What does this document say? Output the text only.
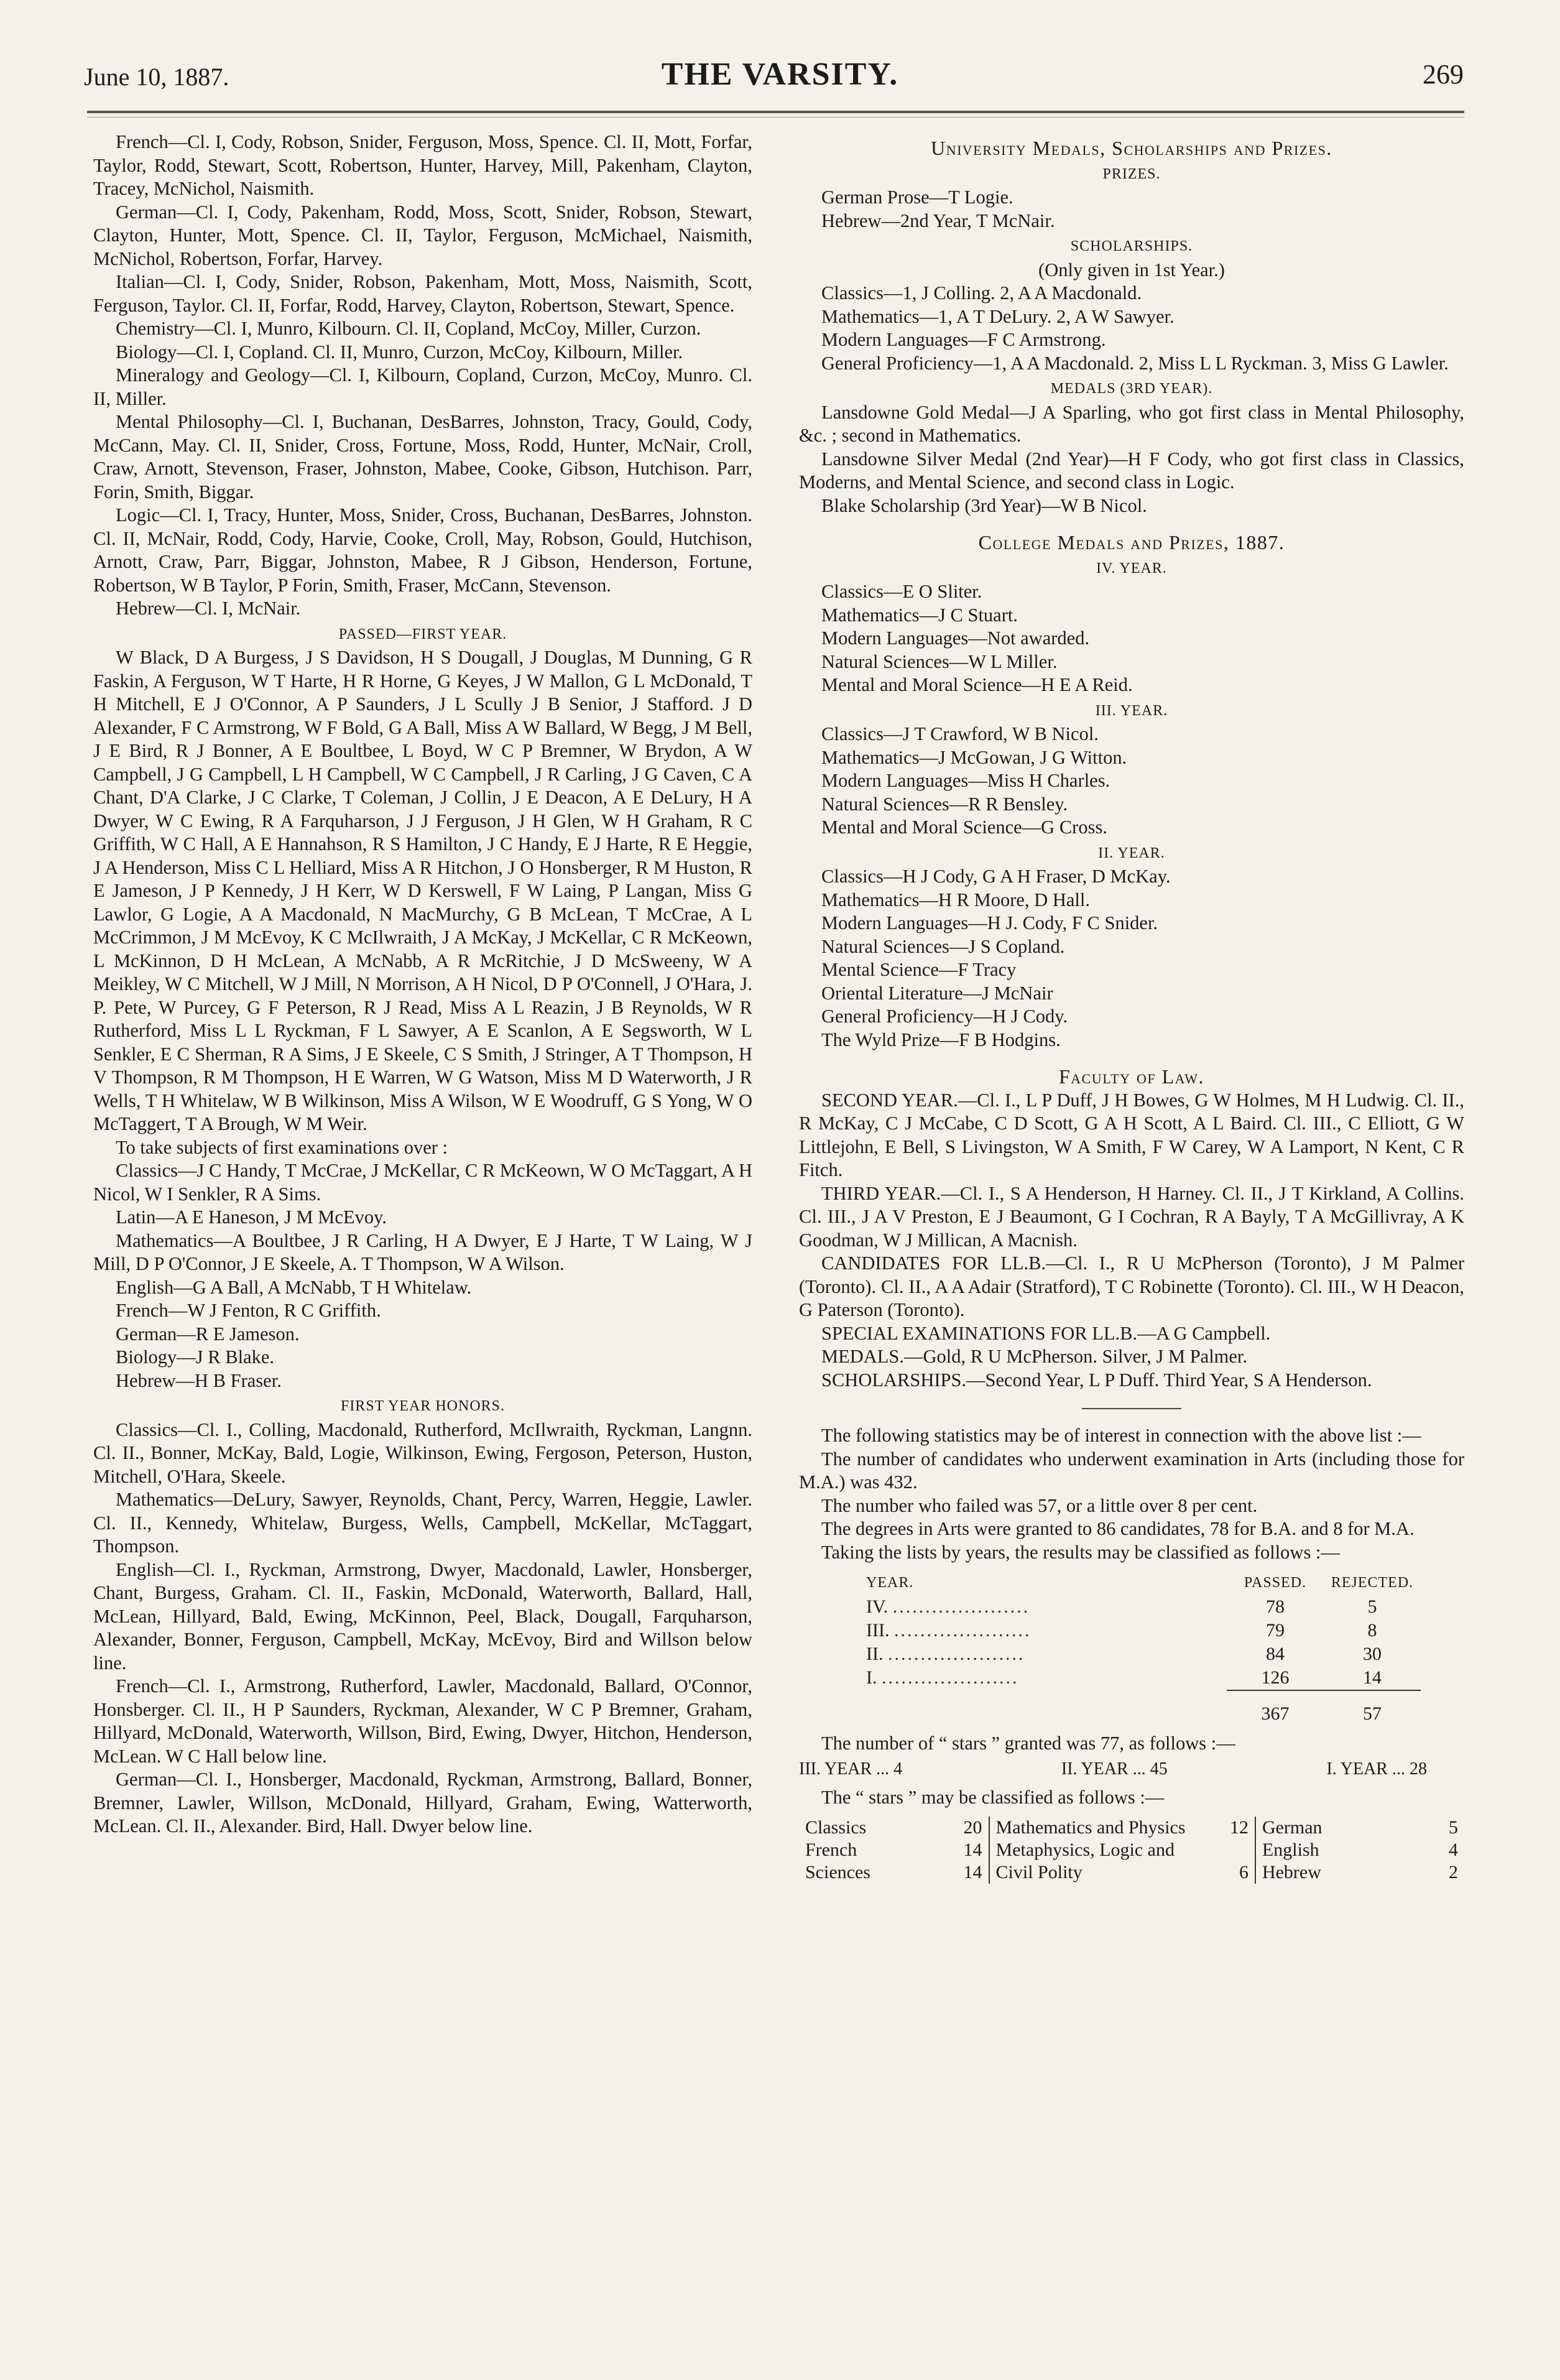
June 10, 1887.	THE VARSITY.	269

French—Cl. I, Cody, Robson, Snider, Ferguson, Moss, Spence. Cl. II, Mott, Forfar, Taylor, Rodd, Stewart, Scott, Robertson, Hunter, Harvey, Mill, Pakenham, Clayton, Tracey, McNichol, Naismith.

German—Cl. I, Cody, Pakenham, Rodd, Moss, Scott, Snider, Robson, Stewart, Clayton, Hunter, Mott, Spence. Cl. II, Taylor, Ferguson, McMichael, Naismith, McNichol, Robertson, Forfar, Harvey.

Italian—Cl. I, Cody, Snider, Robson, Pakenham, Mott, Moss, Naismith, Scott, Ferguson, Taylor. Cl. II, Forfar, Rodd, Harvey, Clayton, Robertson, Stewart, Spence.

Chemistry—Cl. I, Munro, Kilbourn. Cl. II, Copland, McCoy, Miller, Curzon.

Biology—Cl. I, Copland. Cl. II, Munro, Curzon, McCoy, Kilbourn, Miller.

Mineralogy and Geology—Cl. I, Kilbourn, Copland, Curzon, McCoy, Munro. Cl. II, Miller.

Mental Philosophy—Cl. I, Buchanan, DesBarres, Johnston, Tracy, Gould, Cody, McCann, May. Cl. II, Snider, Cross, Fortune, Moss, Rodd, Hunter, McNair, Croll, Craw, Arnott, Stevenson, Fraser, Johnston, Mabee, Cooke, Gibson, Hutchison. Parr, Forin, Smith, Biggar.

Logic—Cl. I, Tracy, Hunter, Moss, Snider, Cross, Buchanan, DesBarres, Johnston. Cl. II, McNair, Rodd, Cody, Harvie, Cooke, Croll, May, Robson, Gould, Hutchison, Arnott, Craw, Parr, Biggar, Johnston, Mabee, R J Gibson, Henderson, Fortune, Robertson, W B Taylor, P Forin, Smith, Fraser, McCann, Stevenson.

Hebrew—Cl. I, McNair.

PASSED—FIRST YEAR.

W Black, D A Burgess, J S Davidson, H S Dougall, J Douglas, M Dunning, G R Faskin, A Ferguson, W T Harte, H R Horne, G Keyes, J W Mallon, G L McDonald, T H Mitchell, E J O'Connor, A P Saunders, J L Scully J B Senior, J Stafford. J D Alexander, F C Armstrong, W F Bold, G A Ball, Miss A W Ballard, W Begg, J M Bell, J E Bird, R J Bonner, A E Boultbee, L Boyd, W C P Bremner, W Brydon, A W Campbell, J G Campbell, L H Campbell, W C Campbell, J R Carling, J G Caven, C A Chant, D'A Clarke, J C Clarke, T Coleman, J Collin, J E Deacon, A E DeLury, H A Dwyer, W C Ewing, R A Farquharson, J J Ferguson, J H Glen, W H Graham, R C Griffith, W C Hall, A E Hannahson, R S Hamilton, J C Handy, E J Harte, R E Heggie, J A Henderson, Miss C L Helliard, Miss A R Hitchon, J O Honsberger, R M Huston, R E Jameson, J P Kennedy, J H Kerr, W D Kerswell, F W Laing, P Langan, Miss G Lawlor, G Logie, A A Macdonald, N MacMurchy, G B McLean, T McCrae, A L McCrimmon, J M McEvoy, K C McIlwraith, J A McKay, J McKellar, C R McKeown, L McKinnon, D H McLean, A McNabb, A R McRitchie, J D McSweeny, W A Meikley, W C Mitchell, W J Mill, N Morrison, A H Nicol, D P O'Connell, J O'Hara, J. P. Pete, W Purcey, G F Peterson, R J Read, Miss A L Reazin, J B Reynolds, W R Rutherford, Miss L L Ryckman, F L Sawyer, A E Scanlon, A E Segsworth, W L Senkler, E C Sherman, R A Sims, J E Skeele, C S Smith, J Stringer, A T Thompson, H V Thompson, R M Thompson, H E Warren, W G Watson, Miss M D Waterworth, J R Wells, T H Whitelaw, W B Wilkinson, Miss A Wilson, W E Woodruff, G S Yong, W O McTaggert, T A Brough, W M Weir.

To take subjects of first examinations over :

Classics—J C Handy, T McCrae, J McKellar, C R McKeown, W O McTaggart, A H Nicol, W I Senkler, R A Sims.

Latin—A E Haneson, J M McEvoy.

Mathematics—A Boultbee, J R Carling, H A Dwyer, E J Harte, T W Laing, W J Mill, D P O'Connor, J E Skeele, A. T Thompson, W A Wilson.

English—G A Ball, A McNabb, T H Whitelaw.

French—W J Fenton, R C Griffith.

German—R E Jameson.

Biology—J R Blake.

Hebrew—H B Fraser.

FIRST YEAR HONORS.

Classics—Cl. I., Colling, Macdonald, Rutherford, McIlwraith, Ryckman, Langnn. Cl. II., Bonner, McKay, Bald, Logie, Wilkinson, Ewing, Fergoson, Peterson, Huston, Mitchell, O'Hara, Skeele.

Mathematics—DeLury, Sawyer, Reynolds, Chant, Percy, Warren, Heggie, Lawler. Cl. II., Kennedy, Whitelaw, Burgess, Wells, Campbell, McKellar, McTaggart, Thompson.

English—Cl. I., Ryckman, Armstrong, Dwyer, Macdonald, Lawler, Honsberger, Chant, Burgess, Graham. Cl. II., Faskin, McDonald, Waterworth, Ballard, Hall, McLean, Hillyard, Bald, Ewing, McKinnon, Peel, Black, Dougall, Farquharson, Alexander, Bonner, Ferguson, Campbell, McKay, McEvoy, Bird and Willson below line.

French—Cl. I., Armstrong, Rutherford, Lawler, Macdonald, Ballard, O'Connor, Honsberger. Cl. II., H P Saunders, Ryckman, Alexander, W C P Bremner, Graham, Hillyard, McDonald, Waterworth, Willson, Bird, Ewing, Dwyer, Hitchon, Henderson, McLean. W C Hall below line.

German—Cl. I., Honsberger, Macdonald, Ryckman, Armstrong, Ballard, Bonner, Bremner, Lawler, Willson, McDonald, Hillyard, Graham, Ewing, Watterworth, McLean. Cl. II., Alexander. Bird, Hall. Dwyer below line.

University Medals, Scholarships and Prizes.
PRIZES.

German Prose—T Logie.

Hebrew—2nd Year, T McNair.

SCHOLARSHIPS.

(Only given in 1st Year.)

Classics—1, J Colling. 2, A A Macdonald.

Mathematics—1, A T DeLury. 2, A W Sawyer.

Modern Languages—F C Armstrong.

General Proficiency—1, A A Macdonald. 2, Miss L L Ryckman. 3, Miss G Lawler.

MEDALS (3RD YEAR).

Lansdowne Gold Medal—J A Sparling, who got first class in Mental Philosophy, &c. ; second in Mathematics.

Lansdowne Silver Medal (2nd Year)—H F Cody, who got first class in Classics, Moderns, and Mental Science, and second class in Logic.

Blake Scholarship (3rd Year)—W B Nicol.

College Medals and Prizes, 1887.
IV. YEAR.

Classics—E O Sliter.

Mathematics—J C Stuart.

Modern Languages—Not awarded.

Natural Sciences—W L Miller.

Mental and Moral Science—H E A Reid.

III. YEAR.

Classics—J T Crawford, W B Nicol.

Mathematics—J McGowan, J G Witton.

Modern Languages—Miss H Charles.

Natural Sciences—R R Bensley.

Mental and Moral Science—G Cross.

II. YEAR.

Classics—H J Cody, G A H Fraser, D McKay.

Mathematics—H R Moore, D Hall.

Modern Languages—H J. Cody, F C Snider.

Natural Sciences—J S Copland.

Mental Science—F Tracy

Oriental Literature—J McNair

General Proficiency—H J Cody.

The Wyld Prize—F B Hodgins.

Faculty of Law.

SECOND YEAR.—Cl. I., L P Duff, J H Bowes, G W Holmes, M H Ludwig. Cl. II., R McKay, C J McCabe, C D Scott, G A H Scott, A L Baird. Cl. III., C Elliott, G W Littlejohn, E Bell, S Livingston, W A Smith, F W Carey, W A Lamport, N Kent, C R Fitch.

THIRD YEAR.—Cl. I., S A Henderson, H Harney. Cl. II., J T Kirkland, A Collins. Cl. III., J A V Preston, E J Beaumont, G I Cochran, R A Bayly, T A McGillivray, A K Goodman, W J Millican, A Macnish.

CANDIDATES FOR LL.B.—Cl. I., R U McPherson (Toronto), J M Palmer (Toronto). Cl. II., A A Adair (Stratford), T C Robinette (Toronto). Cl. III., W H Deacon, G Paterson (Toronto).

SPECIAL EXAMINATIONS FOR LL.B.—A G Campbell.

MEDALS.—Gold, R U McPherson. Silver, J M Palmer.

SCHOLARSHIPS.—Second Year, L P Duff. Third Year, S A Henderson.

The following statistics may be of interest in connection with the above list :—

The number of candidates who underwent examination in Arts (including those for M.A.) was 432.

The number who failed was 57, or a little over 8 per cent.

The degrees in Arts were granted to 86 candidates, 78 for B.A. and 8 for M.A.

Taking the lists by years, the results may be classified as follows :—

YEAR.	PASSED.	REJECTED.
IV. .....................	78	5
III. .....................	79	8
II. .....................	84	30
I. .....................	126	14
	367	57

The number of “ stars ” granted was 77, as follows :—

III. YEAR ... 4	II. YEAR ... 45	I. YEAR ... 28

The “ stars ” may be classified as follows :—

Classics	20	Mathematics and Physics	12	German	5
French	14	Metaphysics, Logic and Civil Polity	6	English	4
Sciences	14			Hebrew	2
